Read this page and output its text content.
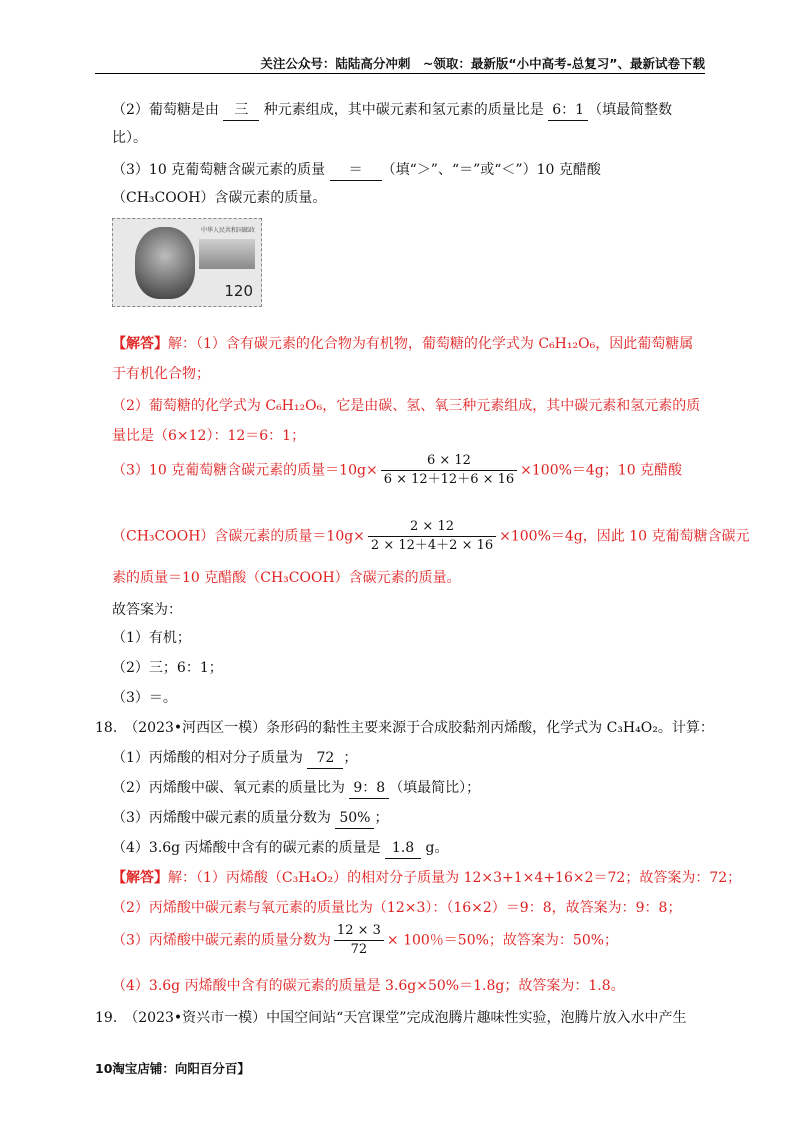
关注公众号：陆陆高分冲刺　~领取：最新版“小中高考-总复习”、最新试卷下载
（2）葡萄糖是由 三 种元素组成，其中碳元素和氢元素的质量比是 6：1 （填最简整数
比）。
（3）10 克葡萄糖含碳元素的质量 ＝ （填“＞”、“＝”或“＜”）10 克醋酸
（CH₃COOH）含碳元素的质量。
中华人民共和国邮政
120
【解答】解：（1）含有碳元素的化合物为有机物，葡萄糖的化学式为 C₆H₁₂O₆，因此葡萄糖属
于有机化合物；
（2）葡萄糖的化学式为 C₆H₁₂O₆，它是由碳、氢、氧三种元素组成，其中碳元素和氢元素的质
量比是（6×12）：12＝6：1；
（3）10 克葡萄糖含碳元素的质量$=10g\times \frac{6 \times 12}{6 \times 12+12+6 \times 16} \times 100\%=4g$；10 克醋酸
（CH₃COOH）含碳元素的质量$=10g\times \frac{2 \times 12}{2 \times 12+4+2 \times 16} \times 100\%=4g$，因此 10 克葡萄糖含碳元
素的质量＝10 克醋酸（CH₃COOH）含碳元素的质量。
故答案为：
（1）有机；
（2）三；6：1；
（3）＝。
18.　（2023•河西区一模）条形码的黏性主要来源于合成胶黏剂丙烯酸，化学式为 C₃H₄O₂。计算：
（1）丙烯酸的相对分子质量为 72 ；
（2）丙烯酸中碳、氧元素的质量比为 9：8 （填最简比）；
（3）丙烯酸中碳元素的质量分数为 50% ；
（4）3.6g 丙烯酸中含有的碳元素的质量是 1.8 g。
【解答】解：（1）丙烯酸（C₃H₄O₂）的相对分子质量为 12×3+1×4+16×2＝72；故答案为：72；
（2）丙烯酸中碳元素与氧元素的质量比为（12×3）：（16×2）＝9：8，故答案为：9：8；
（3）丙烯酸中碳元素的质量分数为 $\frac{12 \times 3}{72} \times 100$％＝50%；故答案为：50%；
（4）3.6g 丙烯酸中含有的碳元素的质量是 3.6g×50%＝1.8g；故答案为：1.8。
19.　（2023•资兴市一模）中国空间站“天宫课堂”完成泡腾片趣味性实验，泡腾片放入水中产生
10淘宝店铺：向阳百分百】
